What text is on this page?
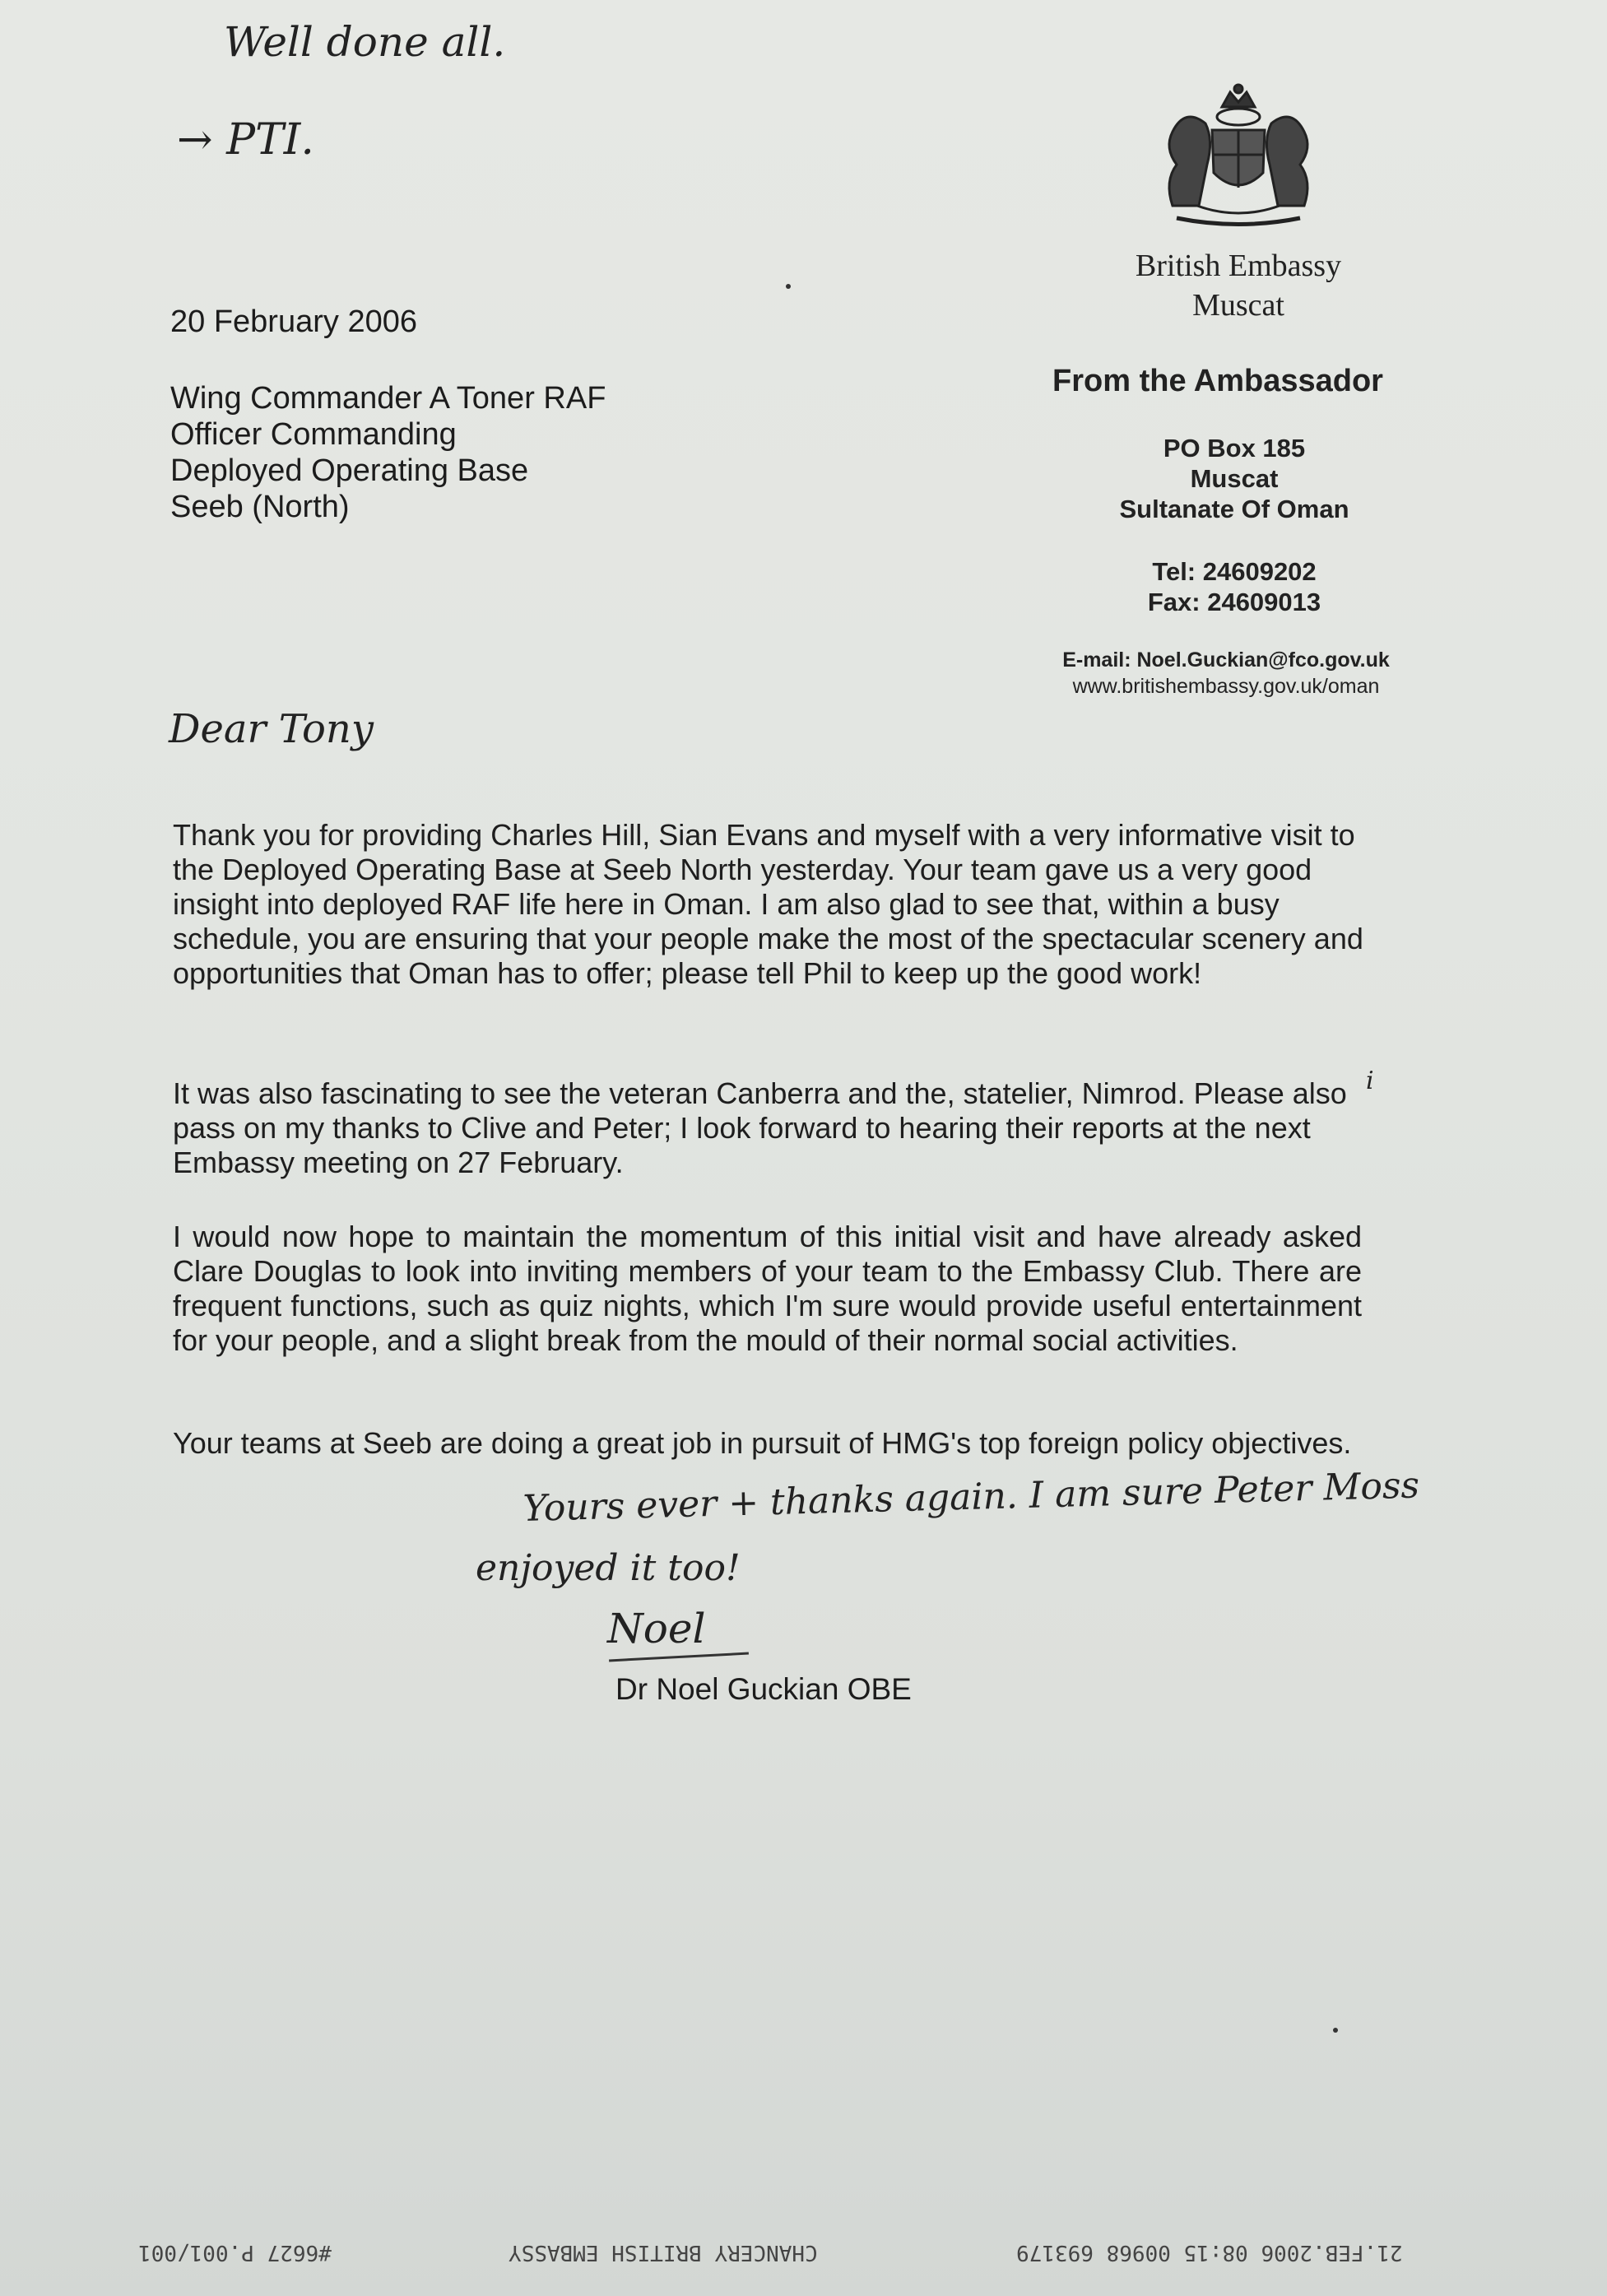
Well done all.
→ PTI.
British Embassy
Muscat
From the Ambassador
PO Box 185
Muscat
Sultanate Of Oman
Tel: 24609202
Fax: 24609013
E-mail: Noel.Guckian@fco.gov.uk
www.britishembassy.gov.uk/oman
20 February 2006
Wing Commander A Toner RAF
Officer Commanding
Deployed Operating Base
Seeb (North)
Dear Tony
Thank you for providing Charles Hill, Sian Evans and myself with a very informative visit to the Deployed Operating Base at Seeb North yesterday. Your team gave us a very good insight into deployed RAF life here in Oman. I am also glad to see that, within a busy schedule, you are ensuring that your people make the most of the spectacular scenery and opportunities that Oman has to offer; please tell Phil to keep up the good work!
It was also fascinating to see the veteran Canberra and the, statelier, Nimrod. Please also pass on my thanks to Clive and Peter; I look forward to hearing their reports at the next Embassy meeting on 27 February.
I would now hope to maintain the momentum of this initial visit and have already asked Clare Douglas to look into inviting members of your team to the Embassy Club. There are frequent functions, such as quiz nights, which I'm sure would provide useful entertainment for your people, and a slight break from the mould of their normal social activities.
Your teams at Seeb are doing a great job in pursuit of HMG's top foreign policy objectives.
i
Yours ever + thanks again. I am sure Peter Moss
enjoyed it too!
Noel
Dr Noel Guckian OBE
21.FEB.2006 08:15 00968 693179
CHANCERY BRITISH EMBASSY
#6627 P.001/001
